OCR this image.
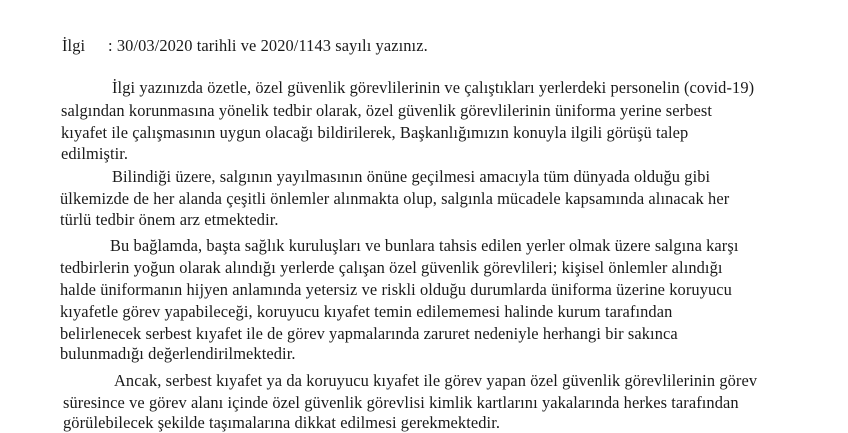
İlgi : 30/03/2020 tarihli ve 2020/1143 sayılı yazınız.
İlgi yazınızda özetle, özel güvenlik görevlilerinin ve çalıştıkları yerlerdeki personelin (covid-19)
salgından korunmasına yönelik tedbir olarak, özel güvenlik görevlilerinin üniforma yerine serbest
kıyafet ile çalışmasının uygun olacağı bildirilerek, Başkanlığımızın konuyla ilgili görüşü talep
edilmiştir.
Bilindiği üzere, salgının yayılmasının önüne geçilmesi amacıyla tüm dünyada olduğu gibi
ülkemizde de her alanda çeşitli önlemler alınmakta olup, salgınla mücadele kapsamında alınacak her
türlü tedbir önem arz etmektedir.
Bu bağlamda, başta sağlık kuruluşları ve bunlara tahsis edilen yerler olmak üzere salgına karşı
tedbirlerin yoğun olarak alındığı yerlerde çalışan özel güvenlik görevlileri; kişisel önlemler alındığı
halde üniformanın hijyen anlamında yetersiz ve riskli olduğu durumlarda üniforma üzerine koruyucu
kıyafetle görev yapabileceği, koruyucu kıyafet temin edilememesi halinde kurum tarafından
belirlenecek serbest kıyafet ile de görev yapmalarında zaruret nedeniyle herhangi bir sakınca
bulunmadığı değerlendirilmektedir.
Ancak, serbest kıyafet ya da koruyucu kıyafet ile görev yapan özel güvenlik görevlilerinin görev
süresince ve görev alanı içinde özel güvenlik görevlisi kimlik kartlarını yakalarında herkes tarafından
görülebilecek şekilde taşımalarına dikkat edilmesi gerekmektedir.
